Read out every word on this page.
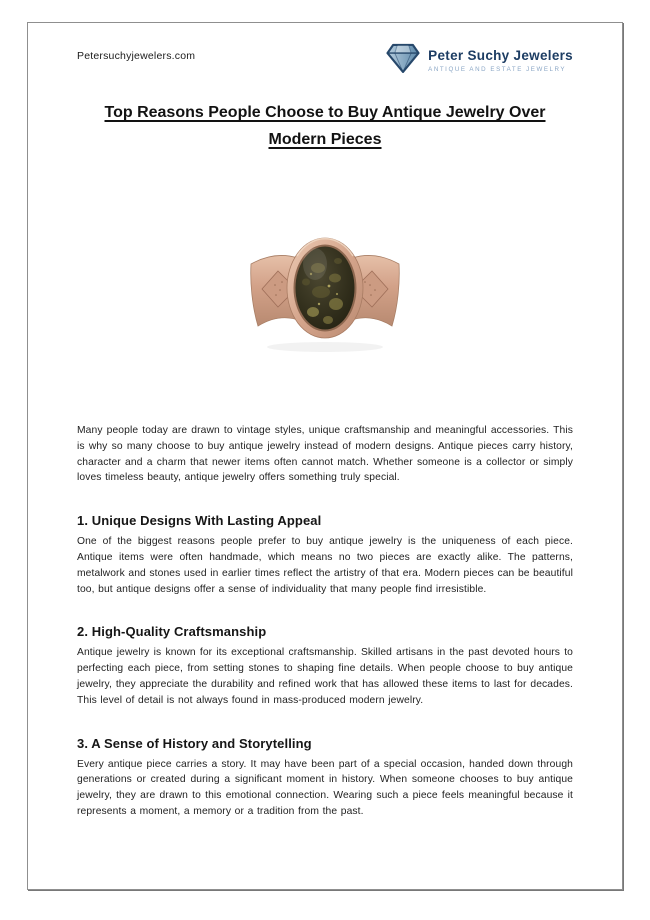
Petersuchyjewelers.com	Peter Suchy Jewelers
ANTIQUE AND ESTATE JEWELRY
Top Reasons People Choose to Buy Antique Jewelry Over
Modern Pieces

Many people today are drawn to vintage styles, unique craftsmanship and meaningful accessories. This is why so many choose to buy antique jewelry instead of modern designs. Antique pieces carry history, character and a charm that newer items often cannot match. Whether someone is a collector or simply loves timeless beauty, antique jewelry offers something truly special.

1. Unique Designs With Lasting Appeal

One of the biggest reasons people prefer to buy antique jewelry is the uniqueness of each piece. Antique items were often handmade, which means no two pieces are exactly alike. The patterns, metalwork and stones used in earlier times reflect the artistry of that era. Modern pieces can be beautiful too, but antique designs offer a sense of individuality that many people find irresistible.

2. High-Quality Craftsmanship

Antique jewelry is known for its exceptional craftsmanship. Skilled artisans in the past devoted hours to perfecting each piece, from setting stones to shaping fine details. When people choose to buy antique jewelry, they appreciate the durability and refined work that has allowed these items to last for decades. This level of detail is not always found in mass-produced modern jewelry.

3. A Sense of History and Storytelling

Every antique piece carries a story. It may have been part of a special occasion, handed down through generations or created during a significant moment in history. When someone chooses to buy antique jewelry, they are drawn to this emotional connection. Wearing such a piece feels meaningful because it represents a moment, a memory or a tradition from the past.
